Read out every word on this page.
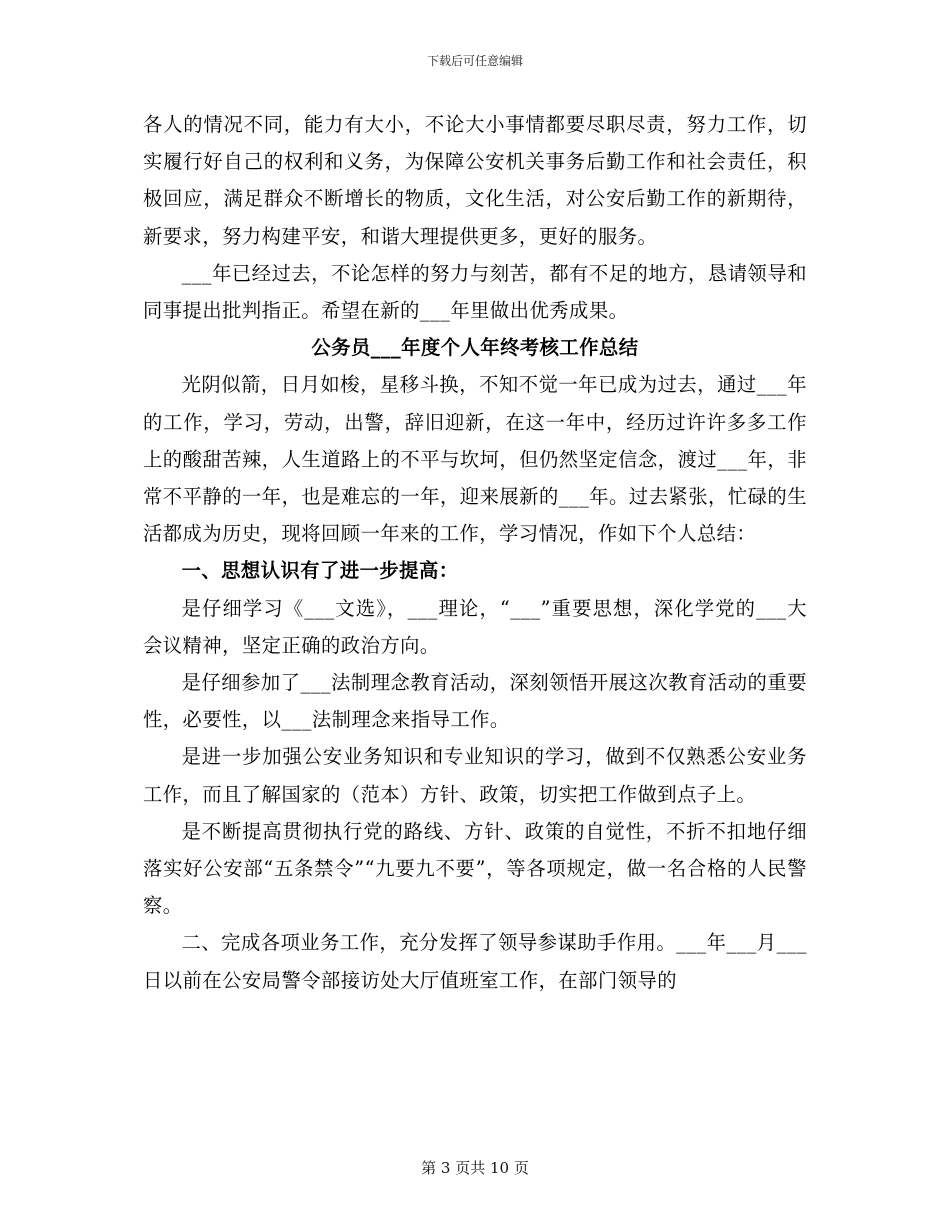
下载后可任意编辑

各人的情况不同，能力有大小，不论大小事情都要尽职尽责，努力工作，切实履行好自己的权利和义务，为保障公安机关事务后勤工作和社会责任，积极回应，满足群众不断增长的物质，文化生活，对公安后勤工作的新期待，新要求，努力构建平安，和谐大理提供更多，更好的服务。

___年已经过去，不论怎样的努力与刻苦，都有不足的地方，恳请领导和同事提出批判指正。希望在新的___年里做出优秀成果。

公务员___年度个人年终考核工作总结

光阴似箭，日月如梭，星移斗换，不知不觉一年已成为过去，通过___年的工作，学习，劳动，出警，辞旧迎新，在这一年中，经历过许许多多工作上的酸甜苦辣，人生道路上的不平与坎坷，但仍然坚定信念，渡过___年，非常不平静的一年，也是难忘的一年，迎来展新的___年。过去紧张，忙碌的生活都成为历史，现将回顾一年来的工作，学习情况，作如下个人总结：

一、思想认识有了进一步提高：

是仔细学习《___文选》，___理论，“___”重要思想，深化学党的___大会议精神，坚定正确的政治方向。

是仔细参加了___法制理念教育活动，深刻领悟开展这次教育活动的重要性，必要性，以___法制理念来指导工作。

是进一步加强公安业务知识和专业知识的学习，做到不仅熟悉公安业务工作，而且了解国家的（范本）方针、政策，切实把工作做到点子上。

是不断提高贯彻执行党的路线、方针、政策的自觉性，不折不扣地仔细落实好公安部“五条禁令”“九要九不要”，等各项规定，做一名合格的人民警察。

二、完成各项业务工作，充分发挥了领导参谋助手作用。___年___月___日以前在公安局警令部接访处大厅值班室工作，在部门领导的

第 3 页共 10 页
